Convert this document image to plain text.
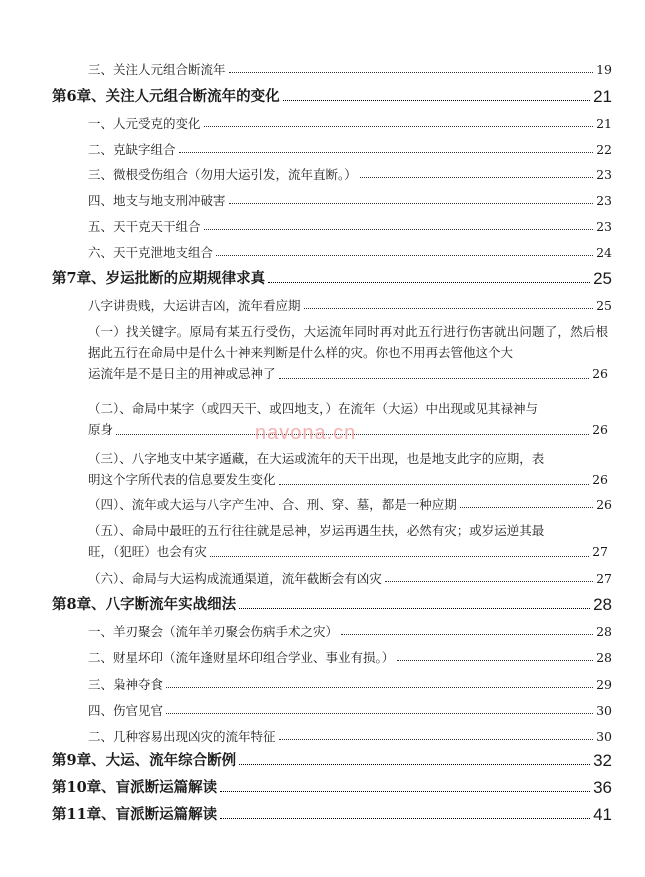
三、关注人元组合断流年	19
第6章、关注人元组合断流年的变化	21
一、人元受克的变化	21
二、克缺字组合	22
三、微根受伤组合（勿用大运引发，流年直断。）	23
四、地支与地支刑冲破害	23
五、天干克天干组合	23
六、天干克泄地支组合	24
第7章、岁运批断的应期规律求真	25
八字讲贵贱，大运讲吉凶，流年看应期	25
（一）找关键字。原局有某五行受伤，大运流年同时再对此五行进行伤害就出问题了，然后根据此五行在命局中是什么十神来判断是什么样的灾。你也不用再去管他这个大
运流年是不是日主的用神或忌神了	26
（二）、命局中某字（或四天干、或四地支，）在流年（大运）中出现或见其禄神与
原身	26
（三）、八字地支中某字遁藏，在大运或流年的天干出现，也是地支此字的应期，表
明这个字所代表的信息要发生变化	26
（四）、流年或大运与八字产生冲、合、刑、穿、墓，都是一种应期	26
（五）、命局中最旺的五行往往就是忌神，岁运再遇生扶，必然有灾；或岁运逆其最
旺，（犯旺）也会有灾	27
（六）、命局与大运构成流通渠道，流年截断会有凶灾	27
第8章、八字断流年实战细法	28
一、羊刃聚会（流年羊刃聚会伤病手术之灾）	28
二、财星坏印（流年逢财星坏印组合学业、事业有损。）	28
三、枭神夺食	29
四、伤官见官	30
二、几种容易出现凶灾的流年特征	30
第9章、大运、流年综合断例	32
第10章、盲派断运篇解读	36
第11章、盲派断运篇解读	41
navona.cn
